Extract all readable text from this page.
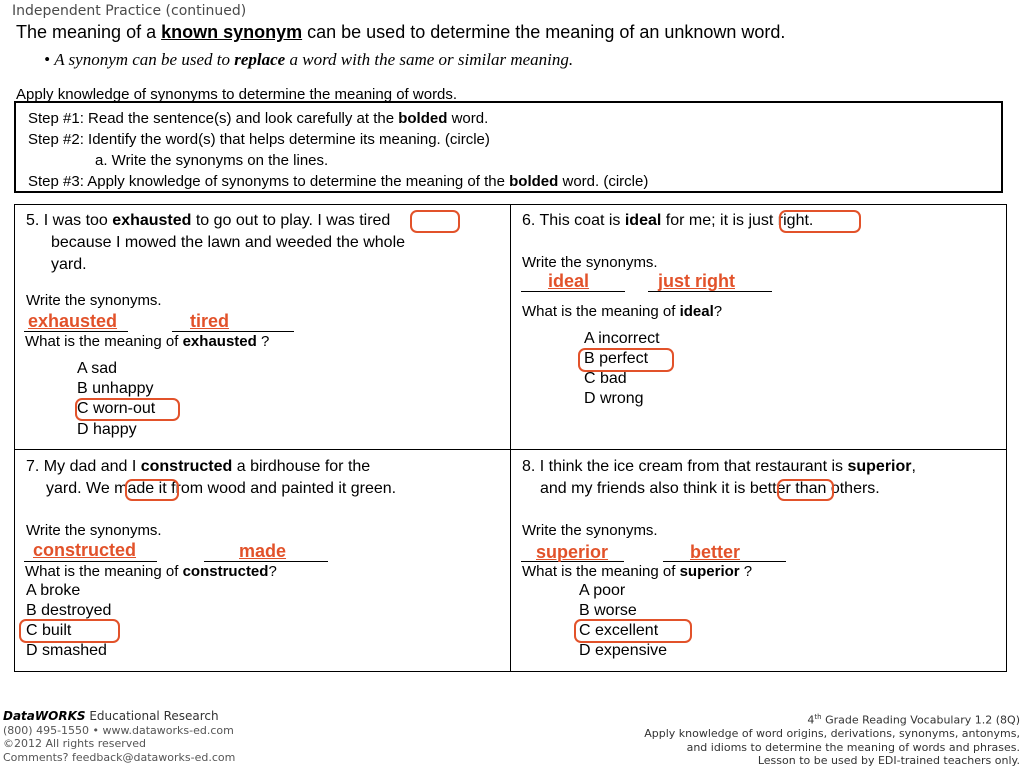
Independent Practice (continued)
The meaning of a known synonym can be used to determine the meaning of an unknown word.
• A synonym can be used to replace a word with the same or similar meaning.
Apply knowledge of synonyms to determine the meaning of words.
Step #1: Read the sentence(s) and look carefully at the bolded word.
Step #2: Identify the word(s) that helps determine its meaning. (circle)
a. Write the synonyms on the lines.
Step #3: Apply knowledge of synonyms to determine the meaning of the bolded word. (circle)
5. I was too exhausted to go out to play. I was tired
because I mowed the lawn and weeded the whole
yard.
Write the synonyms.
exhausted	tired
What is the meaning of exhausted ?
A sad
B unhappy
C worn-out
D happy
6. This coat is ideal for me; it is just right.
Write the synonyms.
ideal	just right
What is the meaning of ideal?
A incorrect
B perfect
C bad
D wrong
7. My dad and I constructed a birdhouse for the
yard. We made it from wood and painted it green.
Write the synonyms.
constructed	made
What is the meaning of constructed?
A broke
B destroyed
C built
D smashed
8. I think the ice cream from that restaurant is superior,
and my friends also think it is better than others.
Write the synonyms.
superior	better
What is the meaning of superior ?
A poor
B worse
C excellent
D expensive
DataWORKS Educational Research
(800) 495-1550 • www.dataworks-ed.com
©2012 All rights reserved
Comments? feedback@dataworks-ed.com
4th Grade Reading Vocabulary 1.2 (8Q)
Apply knowledge of word origins, derivations, synonyms, antonyms,
and idioms to determine the meaning of words and phrases.
Lesson to be used by EDI-trained teachers only.
